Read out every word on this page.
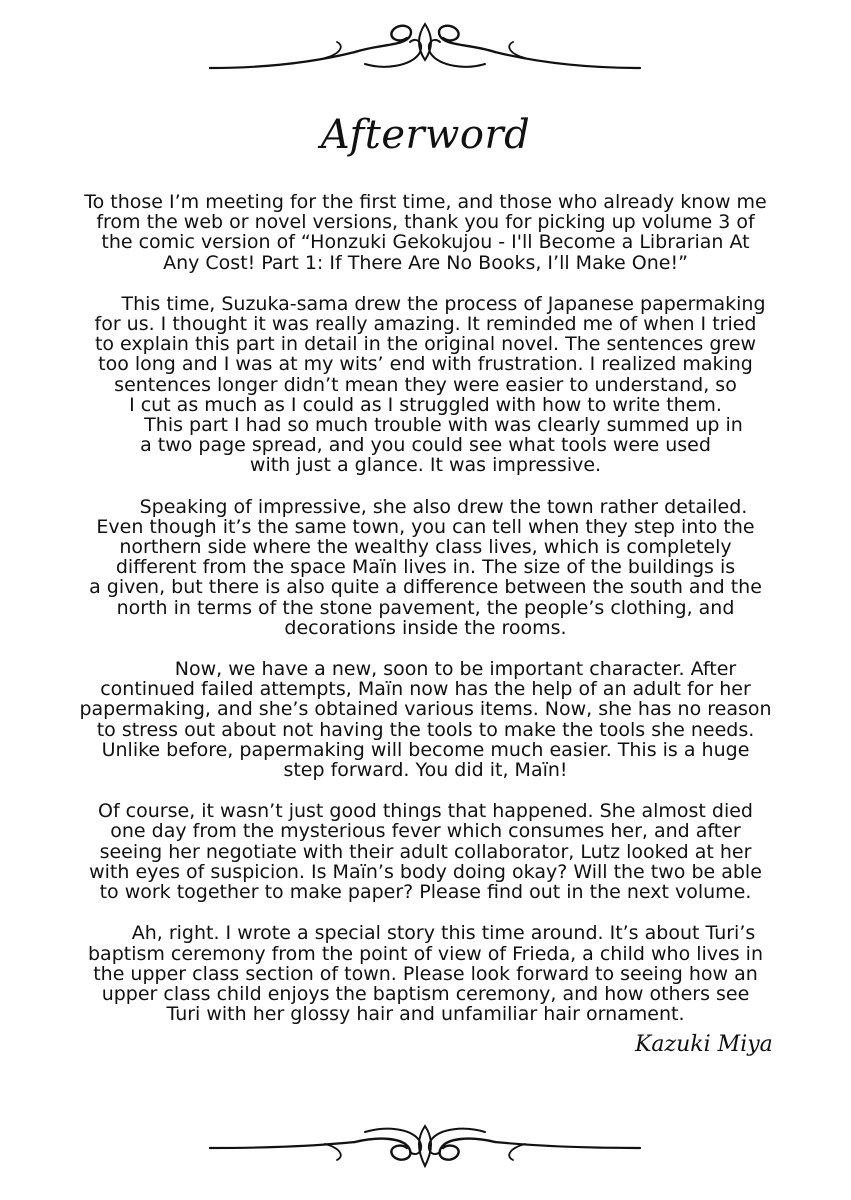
Afterword
To those I’m meeting for the first time, and those who already know me
from the web or novel versions, thank you for picking up volume 3 of
the comic version of “Honzuki Gekokujou - I'll Become a Librarian At
Any Cost! Part 1: If There Are No Books, I’ll Make One!”
This time, Suzuka-sama drew the process of Japanese papermaking
for us. I thought it was really amazing. It reminded me of when I tried
to explain this part in detail in the original novel. The sentences grew
too long and I was at my wits’ end with frustration. I realized making
sentences longer didn’t mean they were easier to understand, so
I cut as much as I could as I struggled with how to write them.
This part I had so much trouble with was clearly summed up in
a two page spread, and you could see what tools were used
with just a glance. It was impressive.
Speaking of impressive, she also drew the town rather detailed.
Even though it’s the same town, you can tell when they step into the
northern side where the wealthy class lives, which is completely
different from the space Maïn lives in. The size of the buildings is
a given, but there is also quite a difference between the south and the
north in terms of the stone pavement, the people’s clothing, and
decorations inside the rooms.
Now, we have a new, soon to be important character. After
continued failed attempts, Maïn now has the help of an adult for her
papermaking, and she’s obtained various items. Now, she has no reason
to stress out about not having the tools to make the tools she needs.
Unlike before, papermaking will become much easier. This is a huge
step forward. You did it, Maïn!
Of course, it wasn’t just good things that happened. She almost died
one day from the mysterious fever which consumes her, and after
seeing her negotiate with their adult collaborator, Lutz looked at her
with eyes of suspicion. Is Maïn’s body doing okay? Will the two be able
to work together to make paper? Please find out in the next volume.
Ah, right. I wrote a special story this time around. It’s about Turi’s
baptism ceremony from the point of view of Frieda, a child who lives in
the upper class section of town. Please look forward to seeing how an
upper class child enjoys the baptism ceremony, and how others see
Turi with her glossy hair and unfamiliar hair ornament.
Kazuki Miya
